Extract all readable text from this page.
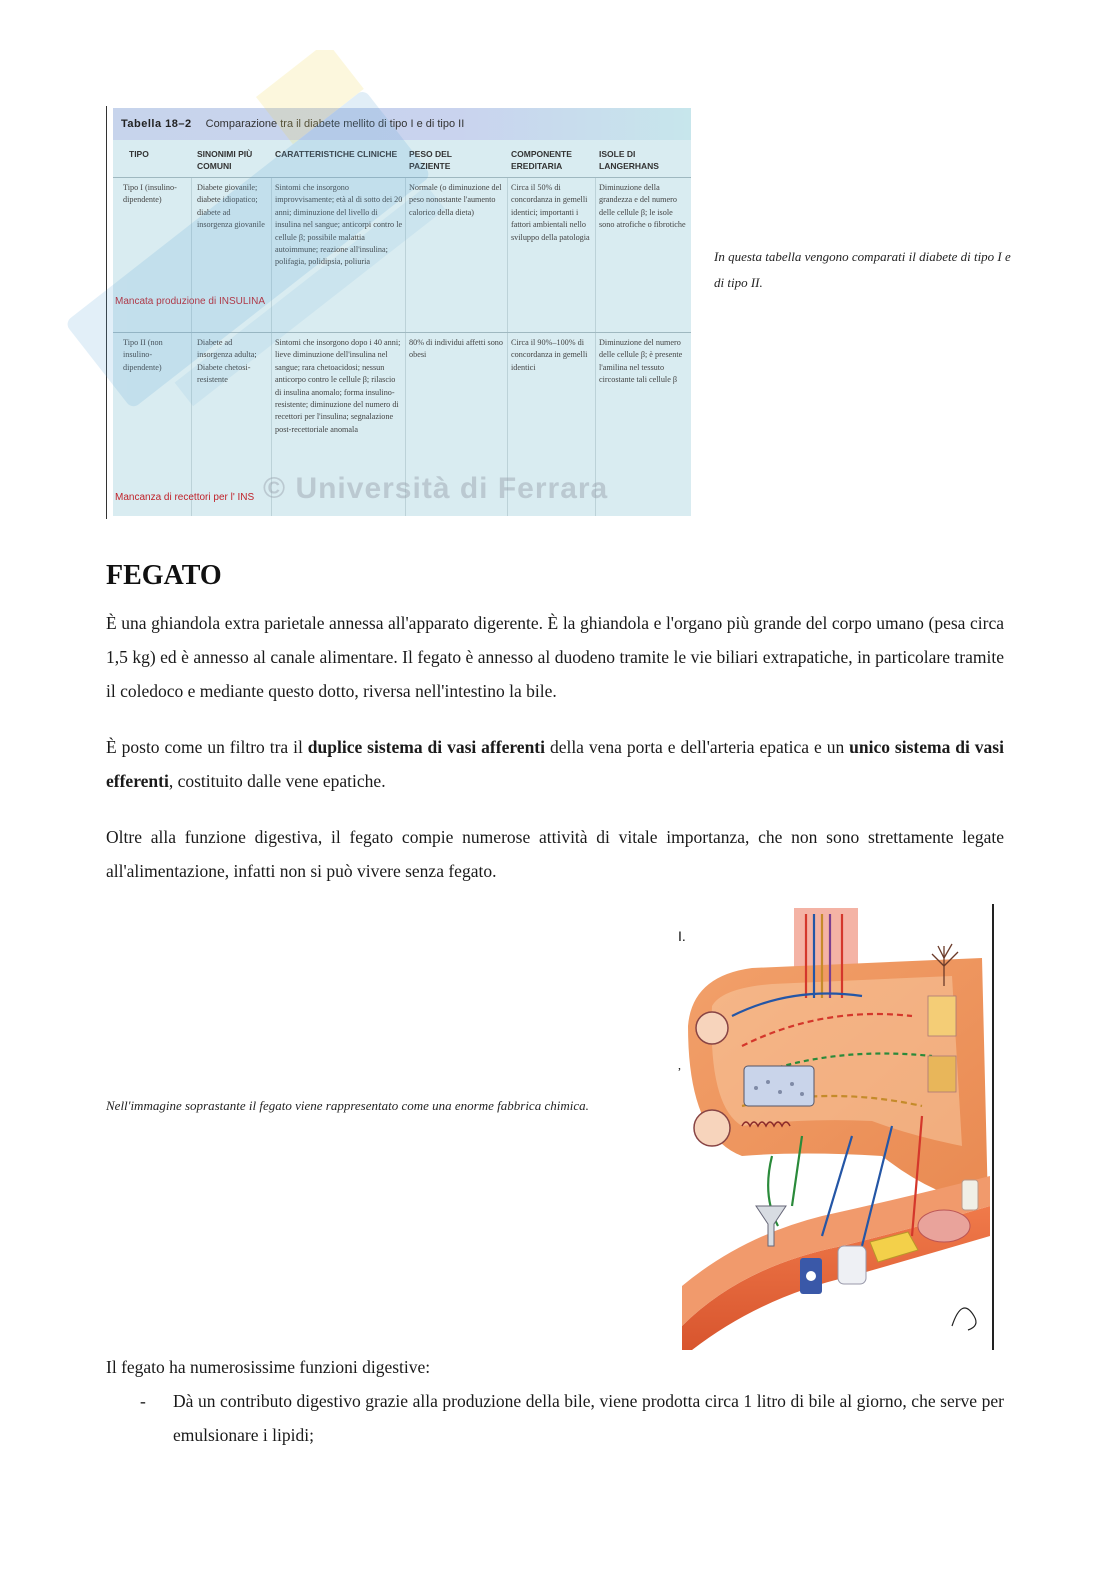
Tabella 18–2 Comparazione tra il diabete mellito di tipo I e di tipo II
TIPO	SINONIMI PIÙ COMUNI
CARATTERISTICHE CLINICHE	PESO DEL PAZIENTE
COMPONENTE EREDITARIA
ISOLE DI LANGERHANS
Tipo I (insulino-dipendente)
Diabete giovanile; diabete idiopatico; diabete ad insorgenza giovanile
Sintomi che insorgono improvvisamente; età al di sotto dei 20 anni; diminuzione del livello di insulina nel sangue; anticorpi contro le cellule β; possibile malattia autoimmune; reazione all'insulina; polifagia, polidipsia, poliuria
Normale (o diminuzione del peso nonostante l'aumento calorico della dieta)
Circa il 50% di concordanza in gemelli identici; importanti i fattori ambientali nello sviluppo della patologia
Diminuzione della grandezza e del numero delle cellule β; le isole sono atrofiche o fibrotiche
Mancata produzione di INSULINA
Tipo II (non insulino-dipendente)
Diabete ad insorgenza adulta; Diabete chetosi-resistente
Sintomi che insorgono dopo i 40 anni; lieve diminuzione dell'insulina nel sangue; rara chetoacidosi; nessun anticorpo contro le cellule β; rilascio di insulina anomalo; forma insulino-resistente; diminuzione del numero di recettori per l'insulina; segnalazione post-recettoriale anomala
80% di individui affetti sono obesi
Circa il 90%–100% di concordanza in gemelli identici
Diminuzione del numero delle cellule β; è presente l'amilina nel tessuto circostante tali cellule β
Mancanza di recettori per l' INS © Università di Ferrara
In questa tabella vengono comparati il diabete di tipo I e di tipo II.
FEGATO

È una ghiandola extra parietale annessa all'apparato digerente. È la ghiandola e l'organo più grande del corpo umano (pesa circa 1,5 kg) ed è annesso al canale alimentare. Il fegato è annesso al duodeno tramite le vie biliari extrapatiche, in particolare tramite il coledoco e mediante questo dotto, riversa nell'intestino la bile.

È posto come un filtro tra il duplice sistema di vasi afferenti della vena porta e dell'arteria epatica e un unico sistema di vasi efferenti, costituito dalle vene epatiche.

Oltre alla funzione digestiva, il fegato compie numerose attività di vitale importanza, che non sono strettamente legate all'alimentazione, infatti non si può vivere senza fegato.

I.
,
Nell'immagine soprastante il fegato viene rappresentato come una enorme fabbrica chimica.

Il fegato ha numerosissime funzioni digestive:

- Dà un contributo digestivo grazie alla produzione della bile, viene prodotta circa 1 litro di bile al giorno, che serve per emulsionare i lipidi;
